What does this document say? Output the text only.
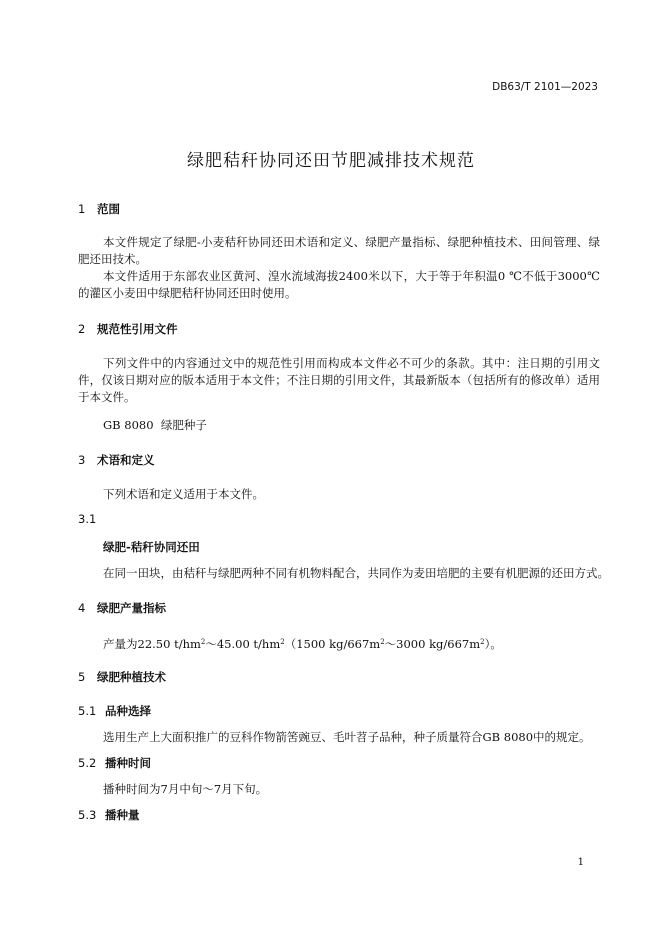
DB63/T 2101—2023
绿肥秸秆协同还田节肥减排技术规范
1 范围
本文件规定了绿肥-小麦秸秆协同还田术语和定义、绿肥产量指标、绿肥种植技术、田间管理、绿肥还田技术。
本文件适用于东部农业区黄河、湟水流域海拔2400米以下，大于等于年积温0 ℃不低于3000℃的灌区小麦田中绿肥秸秆协同还田时使用。
2 规范性引用文件
下列文件中的内容通过文中的规范性引用而构成本文件必不可少的条款。其中：注日期的引用文件，仅该日期对应的版本适用于本文件；不注日期的引用文件，其最新版本（包括所有的修改单）适用于本文件。
GB 8080  绿肥种子
3 术语和定义
下列术语和定义适用于本文件。
3.1
绿肥-秸秆协同还田
在同一田块，由秸秆与绿肥两种不同有机物料配合，共同作为麦田培肥的主要有机肥源的还田方式。
4 绿肥产量指标
产量为22.50 $t/hm^2\sim 45.00$ $t/hm^2(1500$ $kg/667m^2\sim 3000$ $kg/667m^2$）。
5 绿肥种植技术
5.1 品种选择
选用生产上大面积推广的豆科作物箭筈豌豆、毛叶苕子品种，种子质量符合GB 8080中的规定。
5.2 播种时间
播种时间为7月中旬～7月下旬。
5.3 播种量
1
